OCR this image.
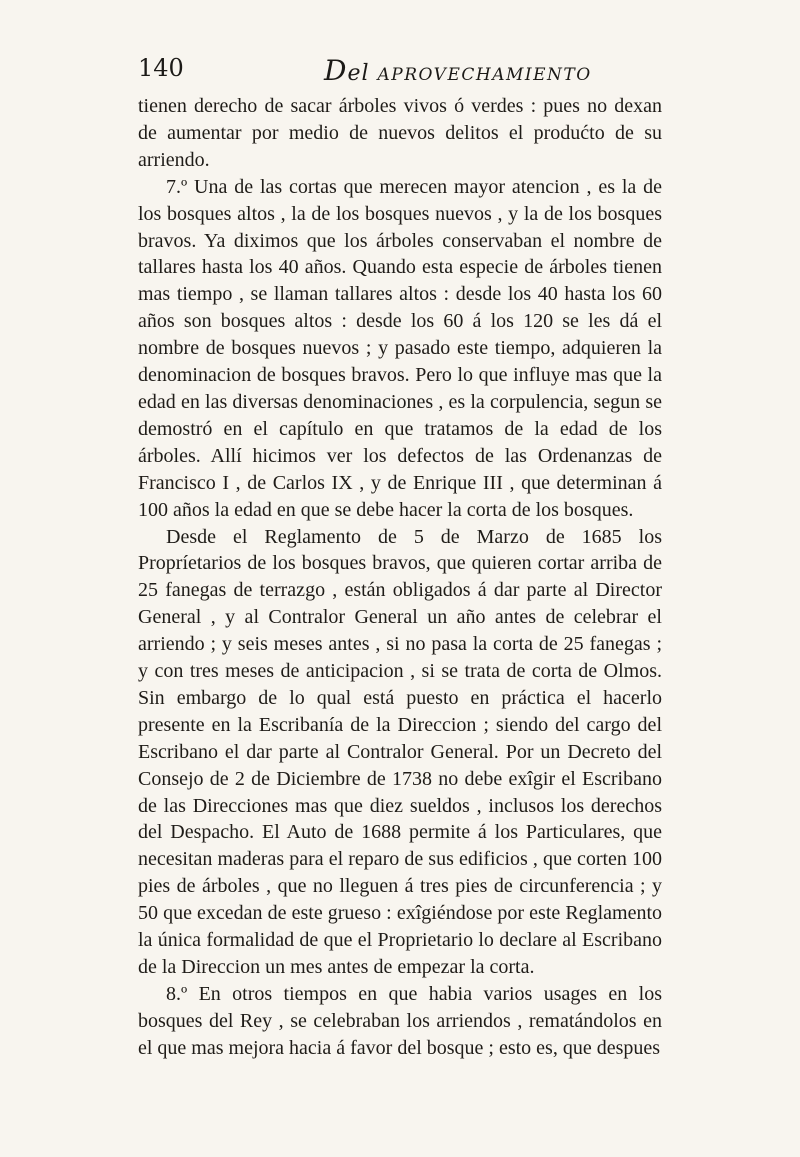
140	Del APROVECHAMIENTO

tienen derecho de sacar árboles vivos ó verdes : pues no dexan de aumentar por medio de nuevos delitos el produćto de su arriendo.

7.º Una de las cortas que merecen mayor atencion , es la de los bosques altos , la de los bosques nuevos , y la de los bosques bravos. Ya diximos que los árboles conservaban el nombre de tallares hasta los 40 años. Quando esta especie de árboles tienen mas tiempo , se llaman tallares altos : desde los 40 hasta los 60 años son bosques altos : desde los 60 á los 120 se les dá el nombre de bosques nuevos ; y pasado este tiempo, adquieren la denominacion de bosques bravos. Pero lo que influye mas que la edad en las diversas denominaciones , es la corpulencia, segun se demostró en el capítulo en que tratamos de la edad de los árboles. Allí hicimos ver los defectos de las Ordenanzas de Francisco I , de Carlos IX , y de Enrique III , que determinan á 100 años la edad en que se debe hacer la corta de los bosques.

Desde el Reglamento de 5 de Marzo de 1685 los Propríetarios de los bosques bravos, que quieren cortar arriba de 25 fanegas de terrazgo , están obligados á dar parte al Director General , y al Contralor General un año antes de celebrar el arriendo ; y seis meses antes , si no pasa la corta de 25 fanegas ; y con tres meses de anticipacion , si se trata de corta de Olmos. Sin embargo de lo qual está puesto en práctica el hacerlo presente en la Escribanía de la Direccion ; siendo del cargo del Escribano el dar parte al Contralor General. Por un Decreto del Consejo de 2 de Diciembre de 1738 no debe exîgir el Escribano de las Direcciones mas que diez sueldos , inclusos los derechos del Despacho. El Auto de 1688 permite á los Particulares, que necesitan maderas para el reparo de sus edificios , que corten 100 pies de árboles , que no lleguen á tres pies de circunferencia ; y 50 que excedan de este grueso : exîgiéndose por este Reglamento la única formalidad de que el Proprietario lo declare al Escribano de la Direccion un mes antes de empezar la corta.

8.º En otros tiempos en que habia varios usages en los bosques del Rey , se celebraban los arriendos , rematándolos en el que mas mejora hacia á favor del bosque ; esto es, que despues
